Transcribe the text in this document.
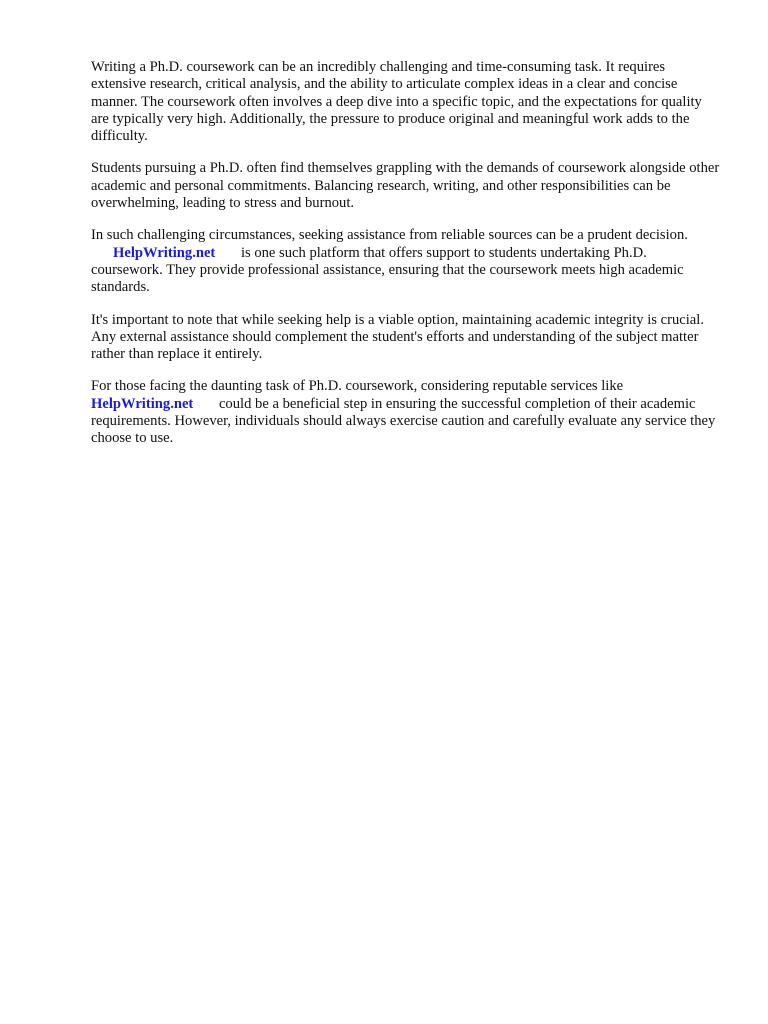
Writing a Ph.D. coursework can be an incredibly challenging and time-consuming task. It requires extensive research, critical analysis, and the ability to articulate complex ideas in a clear and concise manner. The coursework often involves a deep dive into a specific topic, and the expectations for quality are typically very high. Additionally, the pressure to produce original and meaningful work adds to the difficulty.

Students pursuing a Ph.D. often find themselves grappling with the demands of coursework alongside other academic and personal commitments. Balancing research, writing, and other responsibilities can be overwhelming, leading to stress and burnout.

In such challenging circumstances, seeking assistance from reliable sources can be a prudent decision. HelpWriting.net is one such platform that offers support to students undertaking Ph.D. coursework. They provide professional assistance, ensuring that the coursework meets high academic standards.

It's important to note that while seeking help is a viable option, maintaining academic integrity is crucial. Any external assistance should complement the student's efforts and understanding of the subject matter rather than replace it entirely.

For those facing the daunting task of Ph.D. coursework, considering reputable services like HelpWriting.net could be a beneficial step in ensuring the successful completion of their academic requirements. However, individuals should always exercise caution and carefully evaluate any service they choose to use.
